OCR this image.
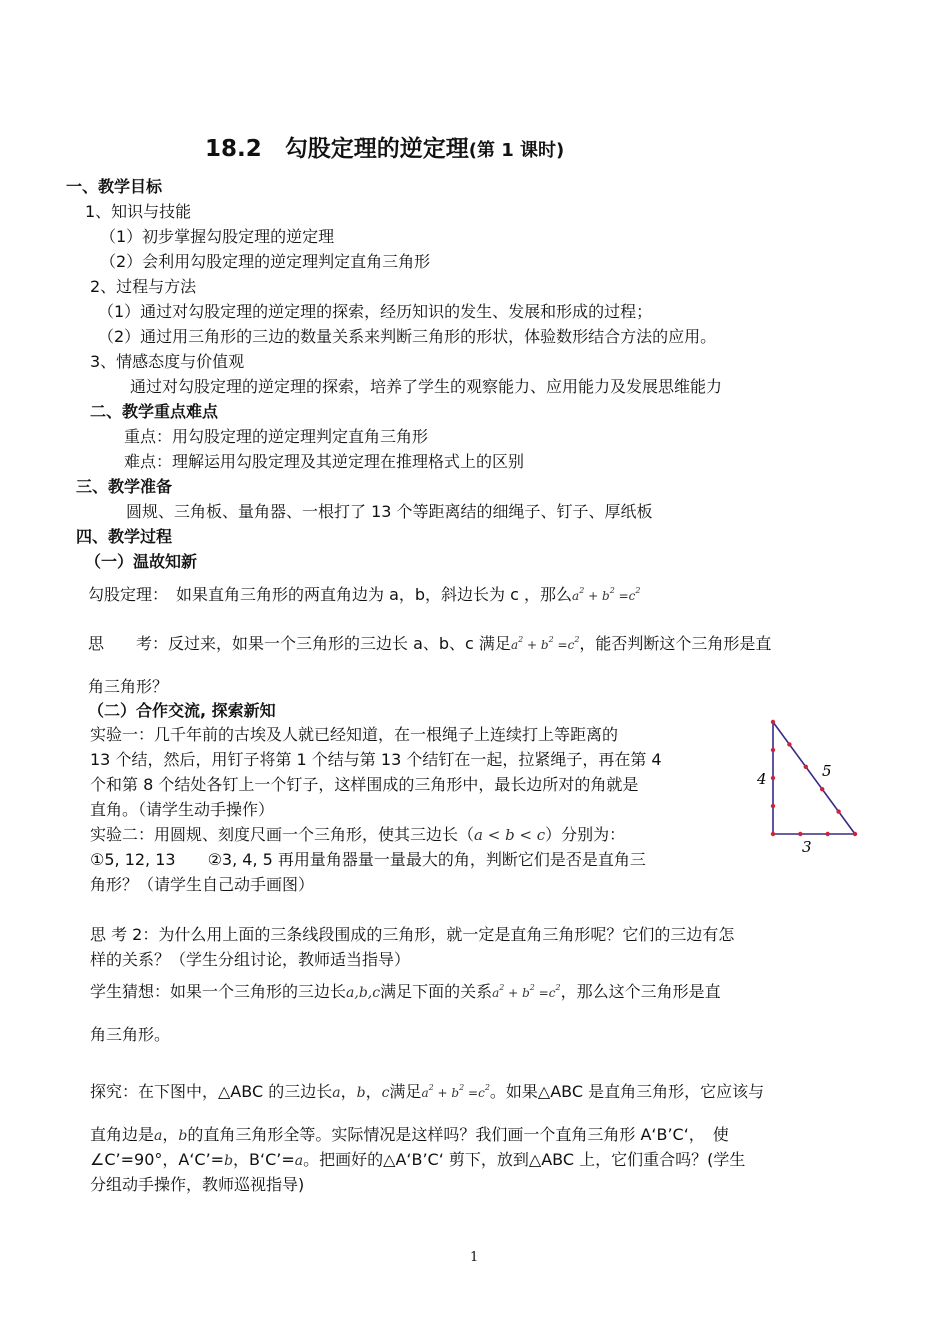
18.2　勾股定理的逆定理(第 1 课时)
一、教学目标
1、知识与技能
（1）初步掌握勾股定理的逆定理
（2）会利用勾股定理的逆定理判定直角三角形
2、过程与方法
（1）通过对勾股定理的逆定理的探索，经历知识的发生、发展和形成的过程；
（2）通过用三角形的三边的数量关系来判断三角形的形状，体验数形结合方法的应用。
3、情感态度与价值观
通过对勾股定理的逆定理的探索，培养了学生的观察能力、应用能力及发展思维能力
二、教学重点难点
重点：用勾股定理的逆定理判定直角三角形
难点：理解运用勾股定理及其逆定理在推理格式上的区别
三、教学准备
圆规、三角板、量角器、一根打了 13 个等距离结的细绳子、钉子、厚纸板
四、教学过程
（一）温故知新
勾股定理：　如果直角三角形的两直角边为 a，b，斜边长为 c ，那么$a^2 + b^2 =c^2$
思　　考：反过来，如果一个三角形的三边长 a、b、c 满足$a^2 + b^2 =c^2$，能否判断这个三角形是直
角三角形？
（二）合作交流, 探索新知
实验一：几千年前的古埃及人就已经知道，在一根绳子上连续打上等距离的
13 个结，然后，用钉子将第 1 个结与第 13 个结钉在一起，拉紧绳子，再在第 4
个和第 8 个结处各钉上一个钉子，这样围成的三角形中，最长边所对的角就是
直角。（请学生动手操作）
实验二：用圆规、刻度尺画一个三角形，使其三边长（a < b < c）分别为：
①5, 12, 13　　②3, 4, 5 再用量角器量一量最大的角，判断它们是否是直角三
角形？（请学生自己动手画图）
4	5
3
思 考 2：为什么用上面的三条线段围成的三角形，就一定是直角三角形呢？它们的三边有怎
样的关系？（学生分组讨论，教师适当指导）
学生猜想：如果一个三角形的三边长a,b,c满足下面的关系$a^2 + b^2 =c^2$，那么这个三角形是直
角三角形。
探究：在下图中，△ABC 的三边长a，b，c满足$a^2 + b^2 =c^2$。如果△ABC 是直角三角形，它应该与
直角边是a，b的直角三角形全等。实际情况是这样吗？我们画一个直角三角形 A‘B’C‘，　使
∠C’=90°，A‘C’=b，B‘C’=a。把画好的△A‘B’C‘ 剪下，放到△ABC 上，它们重合吗？(学生
分组动手操作，教师巡视指导)
1
